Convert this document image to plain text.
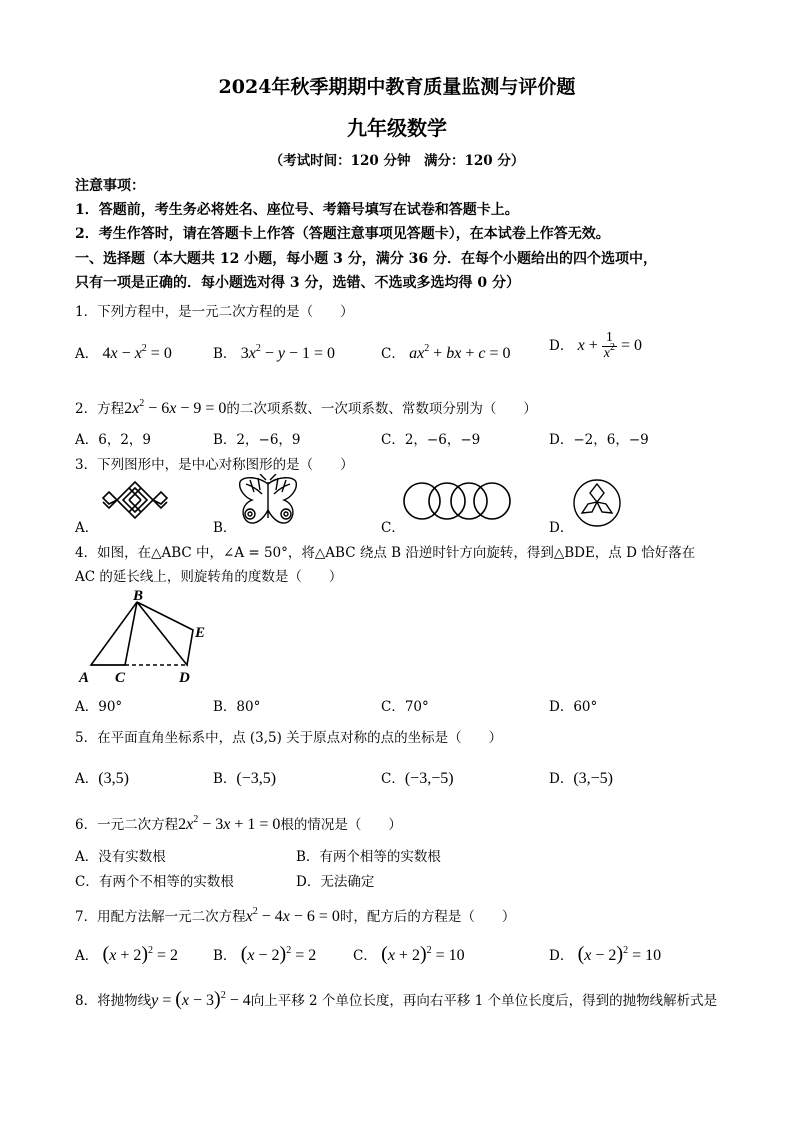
2024年秋季期期中教育质量监测与评价题
九年级数学
（考试时间：120 分钟　满分：120 分）
注意事项：
1．答题前，考生务必将姓名、座位号、考籍号填写在试卷和答题卡上。
2．考生作答时，请在答题卡上作答（答题注意事项见答题卡），在本试卷上作答无效。
一、选择题（本大题共 12 小题，每小题 3 分，满分 36 分．在每个小题给出的四个选项中，
只有一项是正确的．每小题选对得 3 分，选错、不选或多选均得 0 分）
1．下列方程中，是一元二次方程的是（　　）
A． $4x - x^2 = 0$	B． $3x^2 - y - 1 = 0$	C． $ax^2$ + bx + c = 0	D． $x + \frac{1}{x^2} = 0$
2．方程$2x^2 - 6x - 9 = 0$的二次项系数、一次项系数、常数项分别为（　　）
A．6，2，9	B．2，−6，9	C．2，−6，−9	D．−2，6，−9
3．下列图形中，是中心对称图形的是（　　）
A．	B．	C．	D．
4．如图，在△ABC 中，∠A = 50°，将△ABC 绕点 B 沿逆时针方向旋转，得到△BDE，点 D 恰好落在
AC 的延长线上，则旋转角的度数是（　　）
B
E
A C	D
A．90°	B．80°	C．70°	D．60°
5．在平面直角坐标系中，点 (3,5) 关于原点对称的点的坐标是（　　）
A．(3,5)	B．(−3,5)	C．(−3,−5)	D．(3,−5)
6．一元二次方程$2x^2 - 3x + 1 = 0$根的情况是（　　）
A．没有实数根	B．有两个相等的实数根
C．有两个不相等的实数根	D．无法确定
7．用配方法解一元二次方程$x^2 - 4x - 6 = 0$时，配方后的方程是（　　）
A． $(x + 2)^2 = 2$	B． $(x - 2)^2 = 2$	C． $(x + 2)^2 = 10$	D． $(x - 2)^2 = 10$
8．将抛物线$y = (x - 3)^2 - 4$向上平移 2 个单位长度，再向右平移 1 个单位长度后，得到的抛物线解析式是
